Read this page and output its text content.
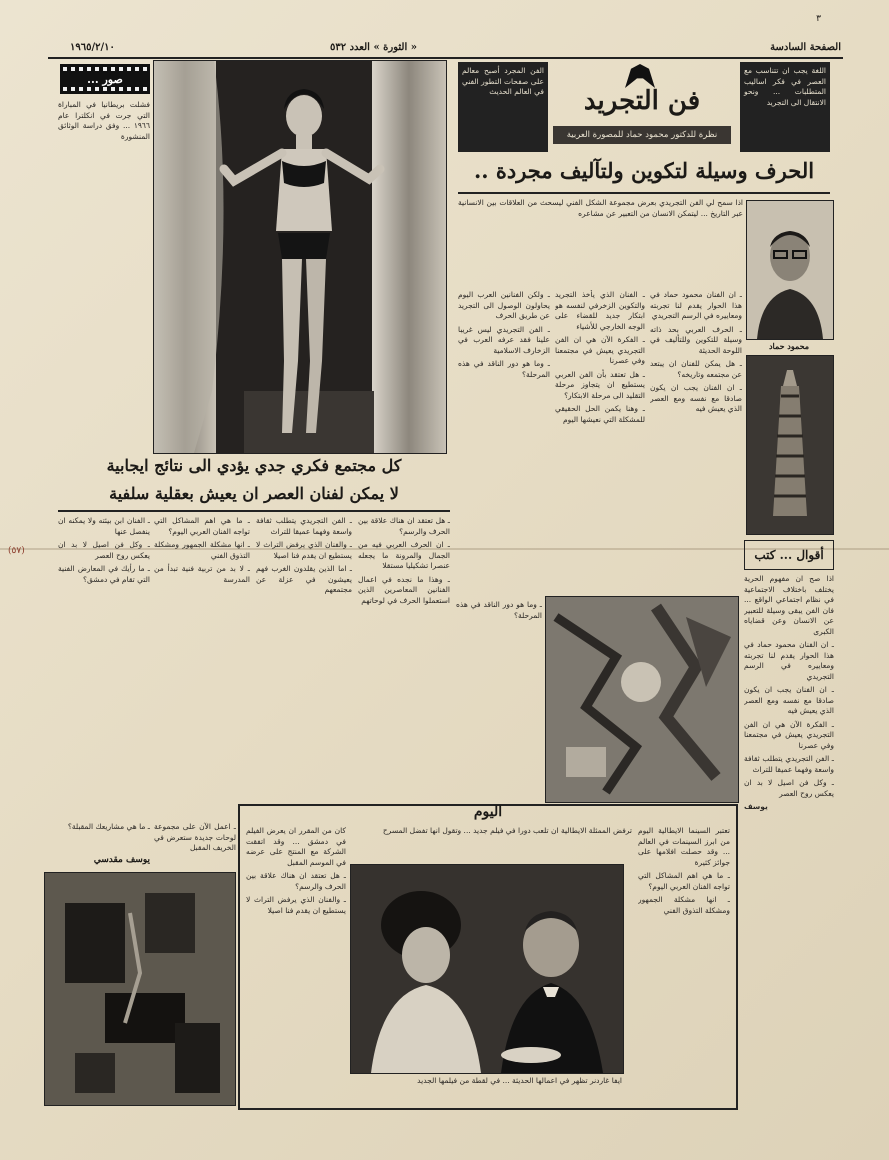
الصفحة السادسة
« الثورة » العدد ٥٣٢
١٩٦٥/٢/١٠
٣
صور ...

فشلت بريطانيا في المباراة التي جرت في انكلترا عام ١٩٦٦ ... وفق دراسة الوثائق المنشورة

فن التجريد
نظرة للدكتور محمود حماد للمصورة العربية

الفن المجرد أصبح معالم على صفحات التطور الفني في العالم الحديث

اللغة يجب ان تتناسب مع العصر في فكر اساليب المتطلبات ... ونحو الانتقال الى التجريد

الحرف وسيلة لتكوين ولتآليف مجردة ..

اذا سمح لي الفن التجريدي بعرض مجموعة الشكل الفني ليسحث من العلاقات بين الانسانية عبر التاريخ ... ليتمكن الانسان من التعبير عن مشاعره

محمود حماد

ـ ان الفنان محمود حماد في هذا الحوار يقدم لنا تجربته ومعاييره في الرسم التجريدي

ـ الحرف العربي بحد ذاته وسيلة للتكوين وللتأليف في اللوحة الحديثة

ـ هل يمكن للفنان ان يبتعد عن مجتمعه وتاريخه؟

ـ ان الفنان يجب ان يكون صادقا مع نفسه ومع العصر الذي يعيش فيه

ـ الفنان الذي يأخذ التجريد والتكوين الزخرفي لنفسه هو ابتكار جديد للقضاء على الوجه الخارجي للأشياء

ـ الفكرة الآن هي ان الفن التجريدي يعيش في مجتمعنا وفي عصرنا

ـ هل تعتقد بأن الفن العربي يستطيع ان يتجاوز مرحلة التقليد الى مرحلة الابتكار؟

ـ وهنا يكمن الحل الحقيقي للمشكلة التي نعيشها اليوم

ـ ولكن الفنانين العرب اليوم يحاولون الوصول الى التجريد عن طريق الحرف

ـ الفن التجريدي ليس غريبا علينا فقد عرفه العرب في الزخارف الاسلامية

ـ وما هو دور الناقد في هذه المرحلة؟

كل مجتمع فكري جدي يؤدي الى نتائج ايجابية
لا يمكن لفنان العصر ان يعيش بعقلية سلفية

ـ هل تعتقد ان هناك علاقة بين الحرف والرسم؟

ـ ان الحرف العربي فيه من الجمال والمرونة ما يجعله عنصرا تشكيليا مستقلا

ـ وهذا ما نجده في اعمال الفنانين المعاصرين الذين استعملوا الحرف في لوحاتهم

ـ الفن التجريدي يتطلب ثقافة واسعة وفهما عميقا للتراث

ـ والفنان الذي يرفض التراث لا يستطيع ان يقدم فنا اصيلا

ـ اما الذين يقلدون الغرب فهم يعيشون في عزلة عن مجتمعهم

ـ ما هي اهم المشاكل التي تواجه الفنان العربي اليوم؟

ـ انها مشكلة الجمهور ومشكلة التذوق الفني

ـ لا بد من تربية فنية تبدأ من المدرسة

ـ الفنان ابن بيئته ولا يمكنه ان ينفصل عنها

ـ وكل فن اصيل لا بد ان يعكس روح العصر

ـ ما رأيك في المعارض الفنية التي تقام في دمشق؟

ـ وما هو دور الناقد في هذه المرحلة؟

(٥٧)	أقوال ... كتب

اذا صح ان مفهوم الحرية يختلف باختلاف الاجتماعية في نظام اجتماعي الواقع ... فان الفن يبقى وسيلة للتعبير عن الانسان وعن قضاياه الكبرى

ـ ان الفنان محمود حماد في هذا الحوار يقدم لنا تجربته ومعاييره في الرسم التجريدي

ـ ان الفنان يجب ان يكون صادقا مع نفسه ومع العصر الذي يعيش فيه

ـ الفكرة الآن هي ان الفن التجريدي يعيش في مجتمعنا وفي عصرنا

ـ الفن التجريدي يتطلب ثقافة واسعة وفهما عميقا للتراث

ـ وكل فن اصيل لا بد ان يعكس روح العصر

يوسف

يوسف مقدسي

ـ ما هي مشاريعك المقبلة؟ ـ اعمل الآن على مجموعة لوحات جديدة ستعرض في الخريف المقبل

اليوم

تعتبر السينما الايطالية اليوم من ابرز السينمات في العالم ... وقد حصلت افلامها على جوائز كثيرة

ـ ما هي اهم المشاكل التي تواجه الفنان العربي اليوم؟

ـ انها مشكلة الجمهور ومشكلة التذوق الفني

ترفض الممثلة الايطالية ان تلعب دورا في فيلم جديد ... وتقول انها تفضل المسرح

كان من المقرر ان يعرض الفيلم في دمشق ... وقد اتفقت الشركة مع المنتج على عرضه في الموسم المقبل

ـ هل تعتقد ان هناك علاقة بين الحرف والرسم؟

ـ والفنان الذي يرفض التراث لا يستطيع ان يقدم فنا اصيلا

ايفا غاردنر تظهر في اعمالها الحديثة ... في لقطة من فيلمها الجديد
